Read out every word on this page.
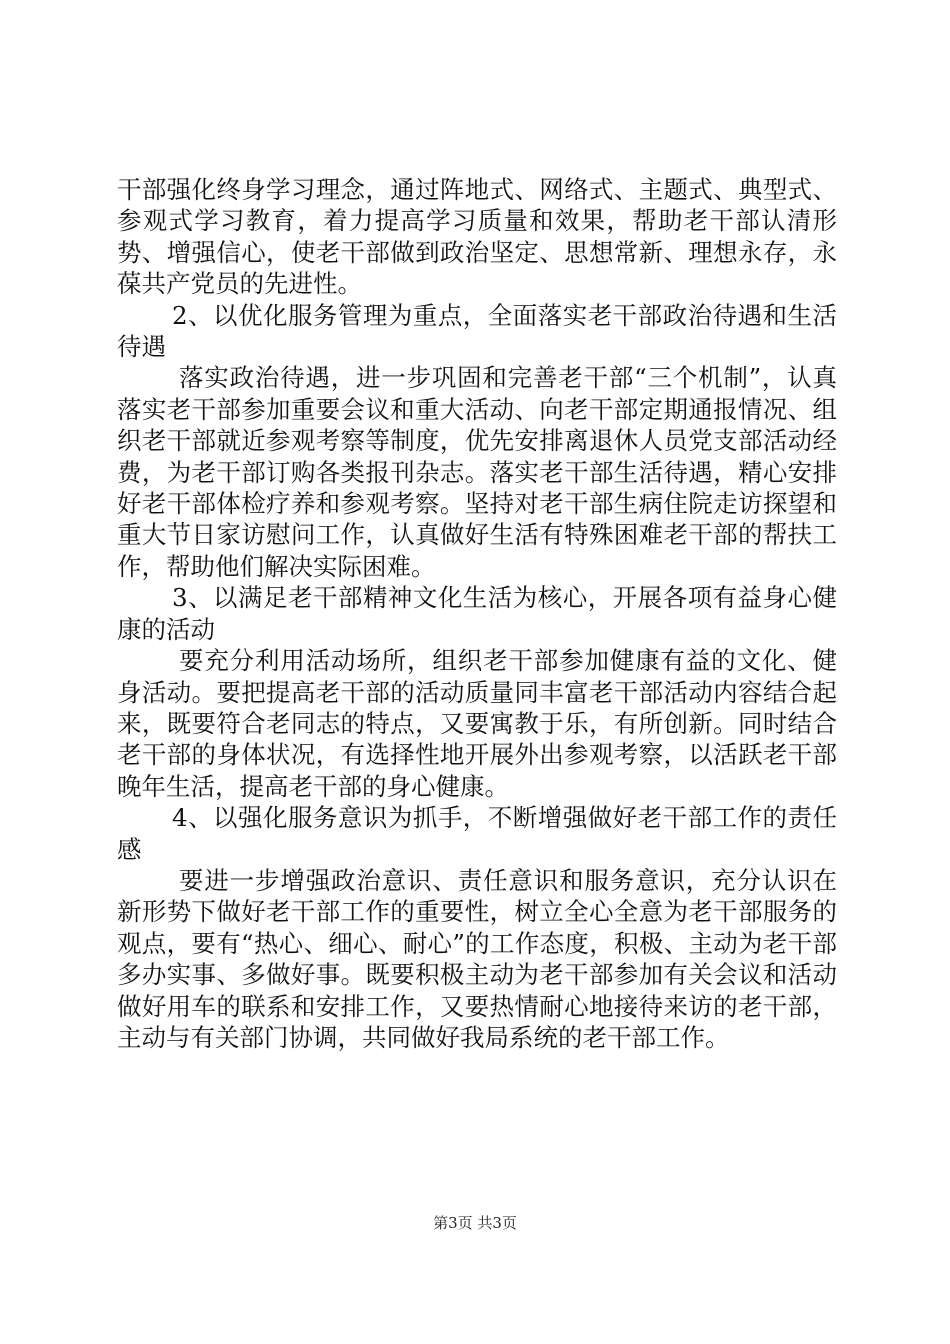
干部强化终身学习理念，通过阵地式、网络式、主题式、典型式、参观式学习教育，着力提高学习质量和效果，帮助老干部认清形势、增强信心，使老干部做到政治坚定、思想常新、理想永存，永葆共产党员的先进性。

2、以优化服务管理为重点，全面落实老干部政治待遇和生活待遇

落实政治待遇，进一步巩固和完善老干部“三个机制”，认真落实老干部参加重要会议和重大活动、向老干部定期通报情况、组织老干部就近参观考察等制度，优先安排离退休人员党支部活动经费，为老干部订购各类报刊杂志。落实老干部生活待遇，精心安排好老干部体检疗养和参观考察。坚持对老干部生病住院走访探望和重大节日家访慰问工作，认真做好生活有特殊困难老干部的帮扶工作，帮助他们解决实际困难。

3、以满足老干部精神文化生活为核心，开展各项有益身心健康的活动

要充分利用活动场所，组织老干部参加健康有益的文化、健身活动。要把提高老干部的活动质量同丰富老干部活动内容结合起来，既要符合老同志的特点，又要寓教于乐，有所创新。同时结合老干部的身体状况，有选择性地开展外出参观考察，以活跃老干部晚年生活，提高老干部的身心健康。

4、以强化服务意识为抓手，不断增强做好老干部工作的责任感

要进一步增强政治意识、责任意识和服务意识，充分认识在新形势下做好老干部工作的重要性，树立全心全意为老干部服务的观点，要有“热心、细心、耐心”的工作态度，积极、主动为老干部多办实事、多做好事。既要积极主动为老干部参加有关会议和活动做好用车的联系和安排工作，又要热情耐心地接待来访的老干部，主动与有关部门协调，共同做好我局系统的老干部工作。

第3页 共3页
